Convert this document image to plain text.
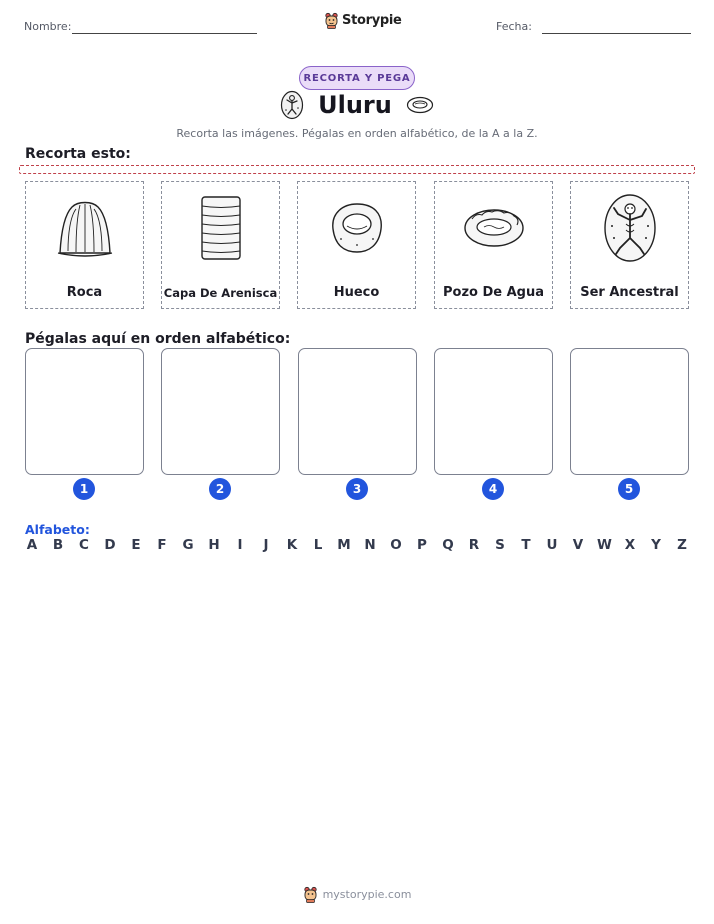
Nombre:	Storypie	Fecha:
RECORTA Y PEGA
Uluru
Recorta las imágenes. Pégalas en orden alfabético, de la A a la Z.
Recorta esto:
Roca	Capa De Arenisca	Hueco	Pozo De Agua	Ser Ancestral
Pégalas aquí en orden alfabético:
1	2	3	4	5
Alfabeto:
A B C D E F G H	I	J	K L M N O P Q R S T U V W X Y Z
mystorypie.com
